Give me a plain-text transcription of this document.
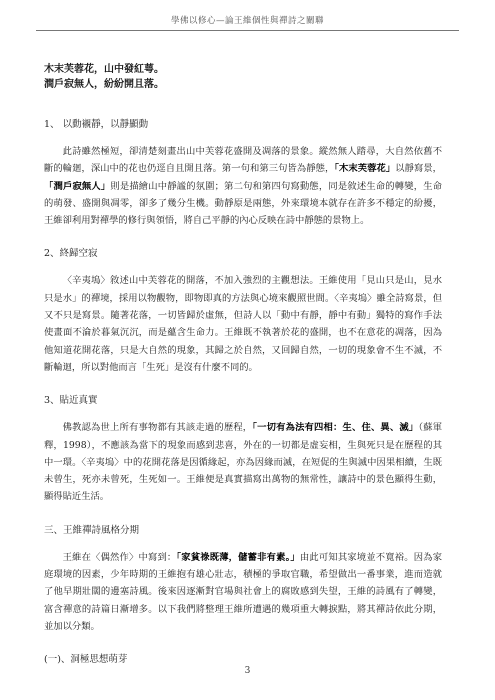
學佛以修心—論王維個性與禪詩之關聯

木末芙蓉花，山中發紅萼。

澗戶寂無人，紛紛開且落。

1、 以動襯靜，以靜顯動

此詩雖然極短，卻清楚刻畫出山中芙蓉花盛開及凋落的景象。縱然無人踏尋，大自然依舊不斷的輪廻，深山中的花也仍逕自且開且落。第一句和第三句皆為靜態，「木末芙蓉花」以靜寫景，「澗戶寂無人」則是描繪山中靜謐的氛圍；第二句和第四句寫動態，同是敘述生命的轉變，生命的萌發、盛開與凋零，卻多了幾分生機。動靜原是兩態，外來環境本就存在許多不穩定的紛擾，王維卻利用對禪學的修行與領悟，將自己平靜的內心反映在詩中靜態的景物上。

2、終歸空寂

〈辛夷塢〉敘述山中芙蓉花的開落，不加入強烈的主觀想法。王維使用「見山只是山，見水只是水」的禪境，採用以物觀物，即物即真的方法與心境來觀照世間。〈辛夷塢〉雖全詩寫景，但又不只是寫景。隨著花落，一切皆歸於虛無，但詩人以「動中有靜，靜中有動」獨特的寫作手法使畫面不淪於暮氣沉沉，而是蘊含生命力。王維既不執著於花的盛開，也不在意花的凋落，因為他知道花開花落，只是大自然的現象，其歸之於自然，又回歸自然，一切的現象會不生不滅，不斷輪迴，所以對他而言「生死」是沒有什麼不同的。

3、貼近真實

佛教認為世上所有事物都有其該走過的歷程，「一切有為法有四相：生、住、異、滅」（蘇軍釋，1998），不應該為當下的現象而感到悲喜，外在的一切都是虛妄相，生與死只是在歷程的其中一環。〈辛夷塢〉中的花開花落是因循緣起，亦為因緣而滅，在短促的生與滅中因果相續，生既未曾生，死亦未曾死，生死如一。王維便是真實描寫出萬物的無常性，讓詩中的景色顯得生動，顯得貼近生活。

三、王維禪詩風格分期

王維在〈偶然作〉中寫到：「家貧祿既薄，儲蓄非有素。」由此可知其家境並不寬裕。因為家庭環境的因素，少年時期的王維抱有雄心壯志，積極的爭取官職，希望做出一番事業，進而造就了他早期壯闊的邊塞詩風。後來因逐漸對官場與社會上的腐敗感到失望，王維的詩風有了轉變，富含禪意的詩篇日漸增多。以下我們將整理王維所遭遇的幾項重大轉捩點，將其禪詩依此分期，並加以分類。

(一)、洞極思想萌芽

3
